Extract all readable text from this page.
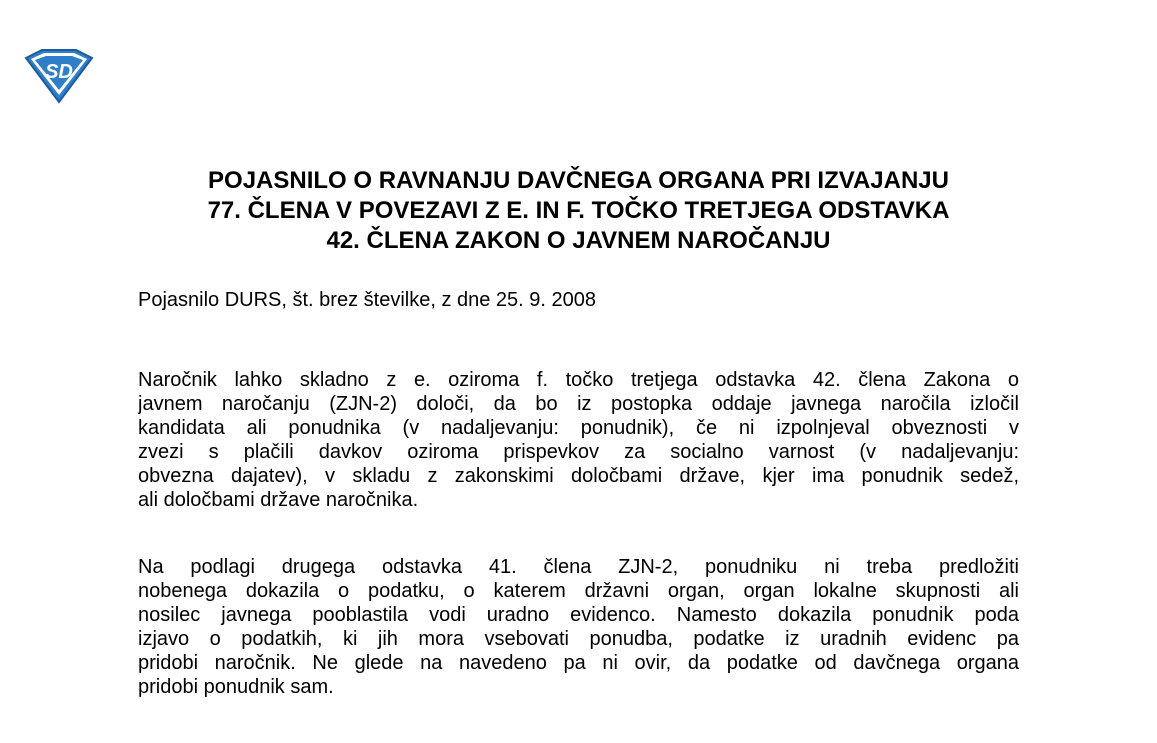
SD
POJASNILO O RAVNANJU DAVČNEGA ORGANA PRI IZVAJANJU
77. ČLENA V POVEZAVI Z E. IN F. TOČKO TRETJEGA ODSTAVKA
42. ČLENA ZAKON O JAVNEM NAROČANJU

Pojasnilo DURS, št. brez številke, z dne 25. 9. 2008

Naročnik lahko skladno z e. oziroma f. točko tretjega odstavka 42. člena Zakona o
javnem naročanju (ZJN-2) določi, da bo iz postopka oddaje javnega naročila izločil
kandidata ali ponudnika (v nadaljevanju: ponudnik), če ni izpolnjeval obveznosti v
zvezi s plačili davkov oziroma prispevkov za socialno varnost (v nadaljevanju:
obvezna dajatev), v skladu z zakonskimi določbami države, kjer ima ponudnik sedež,
ali določbami države naročnika.

Na podlagi drugega odstavka 41. člena ZJN-2, ponudniku ni treba predložiti
nobenega dokazila o podatku, o katerem državni organ, organ lokalne skupnosti ali
nosilec javnega pooblastila vodi uradno evidenco. Namesto dokazila ponudnik poda
izjavo o podatkih, ki jih mora vsebovati ponudba, podatke iz uradnih evidenc pa
pridobi naročnik. Ne glede na navedeno pa ni ovir, da podatke od davčnega organa
pridobi ponudnik sam.
